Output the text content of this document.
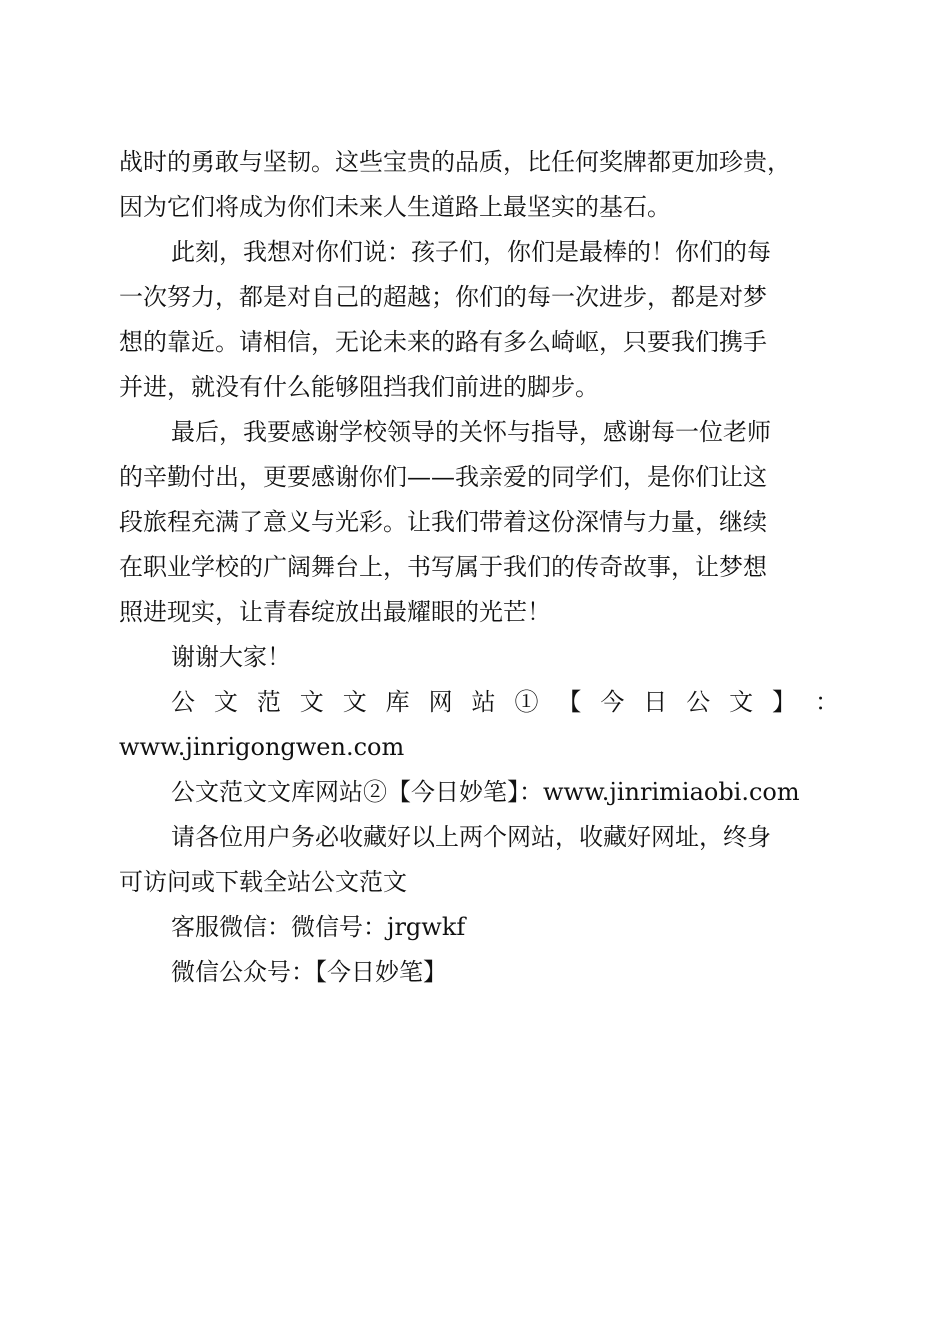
战时的勇敢与坚韧。这些宝贵的品质，比任何奖牌都更加珍贵，
因为它们将成为你们未来人生道路上最坚实的基石。
此刻，我想对你们说：孩子们，你们是最棒的！你们的每
一次努力，都是对自己的超越；你们的每一次进步，都是对梦
想的靠近。请相信，无论未来的路有多么崎岖，只要我们携手
并进，就没有什么能够阻挡我们前进的脚步。
最后，我要感谢学校领导的关怀与指导，感谢每一位老师
的辛勤付出，更要感谢你们——我亲爱的同学们，是你们让这
段旅程充满了意义与光彩。让我们带着这份深情与力量，继续
在职业学校的广阔舞台上，书写属于我们的传奇故事，让梦想
照进现实，让青春绽放出最耀眼的光芒！
谢谢大家！
公 文 范 文 文 库 网 站 ① 【 今 日 公 文 】 ：
www.jinrigongwen.com
公文范文文库网站②【今日妙笔】：www.jinrimiaobi.com
请各位用户务必收藏好以上两个网站，收藏好网址，终身
可访问或下载全站公文范文
客服微信：微信号：jrgwkf
微信公众号：【今日妙笔】
